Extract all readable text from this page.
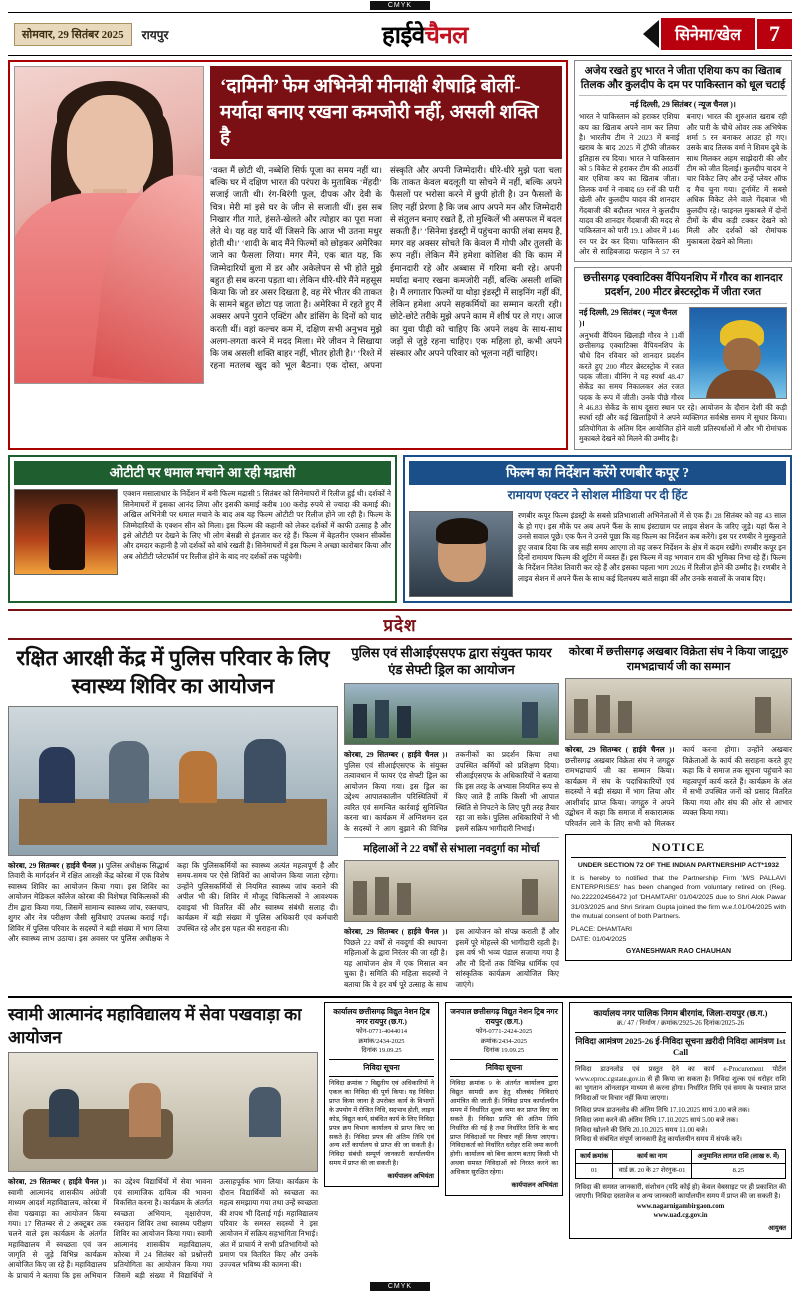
CMYK
सोमवार, 29 सितंबर 2025	रायपुर	हाईवेचैनल	सिनेमा/खेल	7
‘दामिनी’ फेम अभिनेत्री मीनाक्षी शेषाद्रि बोलीं- मर्यादा बनाए रखना कमजोरी नहीं, असली शक्ति है
‘वक्त मैं छोटी थी, नब्बेशि सिर्फ पूजा का समय नहीं था। बल्कि घर में दक्षिण भारत की परंपरा के मुताबिक ‘मेंहदी’ सजाई जाती थी। रंग-बिरंगी फूल, दीपक और देवी के चित्र। मेरी मां इसे घर के जीन से सजाती थीं। इस सब निखार गीत गाते, हंसते-खेलते और त्योहार का पूरा मजा लेते थे। यह वह यादें थीं जिसने कि आज भी उतना मधुर होती थी।’ ‘शादी के बाद मैंने फिल्मों को छोड़कर अमेरिका जाने का फैसला लिया। मगर मैंने, एक बात यह, कि जिम्मेदारियों बुला में डर और अकेलेपन से भी होते मुझे बहुत ही सब करना पड़ता था। लेकिन धीरे-धीरे मैंने महसूस किया कि जो डर असर दिखता है, वह मेरे भीतर की ताकत के सामने बहुत छोटा पड़ जाता है। अमेरिका में रहते हुए मैं अक्सर अपने पुराने एक्टिंग और डांसिंग के दिनों को याद करती थीं। वहां कल्चर कम में, दक्षिण सभी अनुभव मुझे अलग-लगता करने में मदद मिला। मेरे जीवन ने सिखाया कि जब असली शक्ति बाहर नहीं, भीतर होती है।’ ‘रिश्ते में रहना मतलब खुद को भूल बैठना। एक दोस्त, अपना संस्कृति और अपनी जिम्मेदारी। धीरे-धीरे मुझे पता चला कि ताकत केवल बदलूती या सोचने में नहीं, बल्कि अपने फैसलों पर भरोसा करने में छुपी होती है। उन फैसलों के लिए नहीं प्रेरणा है कि जब आप अपने मन और जिम्मेदारी से संतुलन बनाए रखते हैं, तो मुश्किलें भी असफल में बदल सकती हैं।’ ‘सिनेमा इंडस्ट्री में पहुंचना काफी लंबा समय है, मगर वह अक्सर सोचते कि केवल मैं गोपी और तुलसी के रूप नहीं। लेकिन मैंने हमेशा कोशिश की कि काम में ईमानदारी रहे और अब्बास में गरिमा बनी रहे। अपनी मर्यादा बनाए रखना कमजोरी नहीं, बल्कि असली शक्ति है। मैं लगातार फिल्मों या थोड़ा इंडस्ट्री में साइनिंग नहीं कीं, लेकिन हमेशा अपने सहकर्मियों का सम्मान करती रही। छोटे-छोटे तरीके मुझे अपने काम में शीर्ष पर ले गए। आज का युवा पीढ़ी को चाहिए कि अपने लक्ष्य के साथ-साथ जड़ों से जुड़े रहना चाहिए। एक महिला हो, कभी अपने संस्कार और अपने परिवार को भूलना नहीं चाहिए।
अजेय रखते हुए भारत ने जीता एशिया कप का खिताब तिलक और कुलदीप के दम पर पाकिस्तान को धूल चटाई
नई दिल्ली, 29 सितंबर ( न्यूज चैनल )।
भारत ने पाकिस्तान को हराकर एशिया कप का खिताब अपने नाम कर लिया है। भारतीय टीम ने 2023 में बनाई खराब के बाद 2025 में ट्रॉफी जीतकर इतिहास रच दिया। भारत ने पाकिस्तान को 5 विकेट से हराकर टीम की आठवीं बार एशिया कप का खिताब जीता। तिलक वर्मा ने नाबाद 69 रनों की पारी खेली और कुलदीप यादव की शानदार गेंदबाजी की बदौलत भारत ने कुलदीप यादव की शानदार गेंदबाजी की मदद से पाकिस्तान को पारी 19.1 ओवर में 146 रन पर ढेर कर दिया। पाकिस्तान की ओर से साहिबजादा फरहान ने 57 रन बनाए। भारत की शुरुआत खराब रही और पारी के चौथे ओवर तक अभिषेक शर्मा 5 रन बनाकर आउट हो गए। उसके बाद तिलक वर्मा ने शिवम दुबे के साथ मिलकर अहम साझेदारी की और टीम को जीत दिलाई। कुलदीप यादव ने चार विकेट लिए और उन्हें प्लेयर ऑफ द मैच चुना गया। टूर्नामेंट में सबसे अधिक विकेट लेने वाले गेंदबाज भी कुलदीप रहे। फाइनल मुकाबले में दोनों टीमों के बीच कड़ी टक्कर देखने को मिली और दर्शकों को रोमांचक मुकाबला देखने को मिला।
छत्तीसगढ़ एक्वाटिक्स वैंपियनशिप में गौरव का शानदार प्रदर्शन, 200 मीटर ब्रेस्टस्ट्रोक में जीता रजत
नई दिल्ली, 29 सितंबर ( न्यूज चैनल )।
अनुभवी वैंपियन खिलाड़ी गौरव ने 11वीं छत्तीसगढ़ एक्वाटिक्स वैंपियनशिप के चौथे दिन रविवार को शानदार प्रदर्शन करते हुए 200 मीटर ब्रेस्टस्ट्रोक में रजत पदक जीता। वीनिंग ने यह स्पर्धा 48.47 सेकेंड का समय निकालकर अंत रजत पदक के रूप में जीती। उनके पीछे गौरव ने 46.83 सेकेंड के साथ दूसरा स्थान पर रहे। आयोजन के दौरान देशी की कड़ी स्पर्धा रही और कई खिलाड़ियों ने अपने व्यक्तिगत सर्वश्रेष्ठ समय में सुधार किया। प्रतियोगिता के अंतिम दिन आयोजित होने वाली प्रतिस्पर्धाओं में और भी रोमांचक मुकाबले देखने को मिलने की उम्मीद है।
ओटीटी पर धमाल मचाने आ रही मद्रासी
एक्शन मसालाधार के निर्देशन में बनी फिल्म मद्रासी 5 सितंबर को सिनेमाघरों में रिलीज हुई थी। दर्शकों ने सिनेमाघरों में इसका आनंद लिया और इसकी कमाई करीब 100 करोड़ रुपये से ज्यादा की कमाई की। अखिल अभिनेत्री पर धमाल मचाने के बाद अब यह फिल्म ओटीटी पर रिलीज होने जा रही है। फिल्म के जिम्मेदारियों के एक्शन सीन को मिला। इस फिल्म की कहानी को लेकर दर्शकों में काफी उत्साह है और इसे ओटीटी पर देखने के लिए भी लोग बेसब्री से इंतजार कर रहे हैं। फिल्म में बेहतरीन एक्शन सीक्वेंस और दमदार कहानी है जो दर्शकों को बांधे रखती है। सिनेमाघरों में इस फिल्म ने अच्छा कारोबार किया और अब ओटीटी प्लेटफॉर्म पर रिलीज होने के बाद नए दर्शकों तक पहुंचेगी।
फिल्म का निर्देशन करेंगे रणबीर कपूर ?
रामायण एक्टर ने सोशल मीडिया पर दी हिंट
रणबीर कपूर फिल्म इंडस्ट्री के सबसे प्रतिभाशाली अभिनेताओं में से एक हैं। 28 सितंबर को वह 43 साल के हो गए। इस मौके पर अब अपने फैंस के साथ इंस्टाग्राम पर लाइव सेशन के जरिए जुड़े। यहां फैंस ने उनसे सवाल पूछे। एक फैन ने उनसे पूछा कि वह फिल्म का निर्देशन कब करेंगे। इस पर रणबीर ने मुस्कुराते हुए जवाब दिया कि जब सही समय आएगा तो वह जरूर निर्देशन के क्षेत्र में कदम रखेंगे। रणबीर कपूर इन दिनों रामायण फिल्म की शूटिंग में व्यस्त हैं। इस फिल्म में वह भगवान राम की भूमिका निभा रहे हैं। फिल्म के निर्देशन नितेश तिवारी कर रहे हैं और इसका पहला भाग 2026 में रिलीज होने की उम्मीद है। रणबीर ने लाइव सेशन में अपने फैंस के साथ कई दिलचस्प बातें साझा कीं और उनके सवालों के जवाब दिए।
प्रदेश
रक्षित आरक्षी केंद्र में पुलिस परिवार के लिए स्वास्थ्य शिविर का आयोजन
कोरबा, 29 सितम्बर ( हाईवे चैनल )। पुलिस अधीक्षक सिद्धार्थ तिवारी के मार्गदर्शन में रक्षित आरक्षी केंद्र कोरबा में एक विशेष स्वास्थ्य शिविर का आयोजन किया गया। इस शिविर का आयोजन मेडिकल कॉलेज कोरबा की विशेषज्ञ चिकित्सकों की टीम द्वारा किया गया, जिसमें सामान्य स्वास्थ्य जांच, रक्तचाप, शुगर और नेत्र परीक्षण जैसी सुविधाएं उपलब्ध कराई गईं। शिविर में पुलिस परिवार के सदस्यों ने बड़ी संख्या में भाग लिया और स्वास्थ्य लाभ उठाया। इस अवसर पर पुलिस अधीक्षक ने कहा कि पुलिसकर्मियों का स्वास्थ्य अत्यंत महत्वपूर्ण है और समय-समय पर ऐसे शिविरों का आयोजन किया जाता रहेगा। उन्होंने पुलिसकर्मियों से नियमित स्वास्थ्य जांच कराने की अपील भी की। शिविर में मौजूद चिकित्सकों ने आवश्यक दवाइयां भी वितरित कीं और स्वास्थ्य संबंधी सलाह दी। कार्यक्रम में बड़ी संख्या में पुलिस अधिकारी एवं कर्मचारी उपस्थित रहे और इस पहल की सराहना की।
पुलिस एवं सीआईएसएफ द्वारा संयुक्त फायर एंड सेफ्टी ड्रिल का आयोजन
कोरबा, 29 सितम्बर ( हाईवे चैनल )। पुलिस एवं सीआईएसएफ के संयुक्त तत्वावधान में फायर एंड सेफ्टी ड्रिल का आयोजन किया गया। इस ड्रिल का उद्देश्य आपातकालीन परिस्थितियों में त्वरित एवं समन्वित कार्रवाई सुनिश्चित करना था। कार्यक्रम में अग्निशमन दल के सदस्यों ने आग बुझाने की विभिन्न तकनीकों का प्रदर्शन किया तथा उपस्थित कर्मियों को प्रशिक्षण दिया। सीआईएसएफ के अधिकारियों ने बताया कि इस तरह के अभ्यास नियमित रूप से किए जाते हैं ताकि किसी भी आपात स्थिति से निपटने के लिए पूरी तरह तैयार रहा जा सके। पुलिस अधिकारियों ने भी इसमें सक्रिय भागीदारी निभाई।
महिलाओं ने 22 वर्षों से संभाला नवदुर्गा का मोर्चा
कोरबा, 29 सितम्बर ( हाईवे चैनल )। पिछले 22 वर्षों से नवदुर्गा की स्थापना महिलाओं के द्वारा निरंतर की जा रही है। यह आयोजन क्षेत्र में एक मिसाल बन चुका है। समिति की महिला सदस्यों ने बताया कि वे हर वर्ष पूरे उत्साह के साथ इस आयोजन को संपन्न कराती हैं और इसमें पूरे मोहल्ले की भागीदारी रहती है। इस वर्ष भी भव्य पंडाल सजाया गया है और नौ दिनों तक विभिन्न धार्मिक एवं सांस्कृतिक कार्यक्रम आयोजित किए जाएंगे।
कोरबा में छत्तीसगढ़ अखबार विक्रेता संघ ने किया जादूगुरु रामभद्राचार्य जी का सम्मान
कोरबा, 29 सितम्बर ( हाईवे चैनल )। छत्तीसगढ़ अखबार विक्रेता संघ ने जगद्गुरु रामभद्राचार्य जी का सम्मान किया। कार्यक्रम में संघ के पदाधिकारियों एवं सदस्यों ने बड़ी संख्या में भाग लिया और आशीर्वाद प्राप्त किया। जगद्गुरु ने अपने उद्बोधन में कहा कि समाज में सकारात्मक परिवर्तन लाने के लिए सभी को मिलकर कार्य करना होगा। उन्होंने अखबार विक्रेताओं के कार्य की सराहना करते हुए कहा कि वे समाज तक सूचना पहुंचाने का महत्वपूर्ण कार्य करते हैं। कार्यक्रम के अंत में सभी उपस्थित जनों को प्रसाद वितरित किया गया और संघ की ओर से आभार व्यक्त किया गया।
NOTICE
UNDER SECTION 72 OF THE INDIAN PARTNERSHIP ACT*1932
It is hereby to notified that the Partnership Firm 'M/S PALLAVI ENTERPRISES' has been changed from voluntary retired on (Reg. No.222202456472 )of 'DHAMTARI' 01/04/2025 due to Shri Alok Pawar 31/03/2025 and Shri Sriram Gupta joined the firm w.e.f.01/04/2025 with the mutual consent of both Partners.
PLACE: DHAMTARI
DATE: 01/04/2025
GYANESHWAR RAO CHAUHAN
स्वामी आत्मानंद महाविद्यालय में सेवा पखवाड़ा का आयोजन
कोरबा, 29 सितम्बर ( हाईवे चैनल )। स्वामी आत्मानंद शासकीय अंग्रेजी माध्यम आदर्श महाविद्यालय, कोरबा में सेवा पखवाड़ा का आयोजन किया गया। 17 सितम्बर से 2 अक्टूबर तक चलने वाले इस कार्यक्रम के अंतर्गत महाविद्यालय में स्वच्छता एवं जन जागृति से जुड़े विभिन्न कार्यक्रम आयोजित किए जा रहे हैं। महाविद्यालय के प्राचार्य ने बताया कि इस अभियान का उद्देश्य विद्यार्थियों में सेवा भावना एवं सामाजिक दायित्व की भावना विकसित करना है। कार्यक्रम के अंतर्गत स्वच्छता अभियान, वृक्षारोपण, रक्तदान शिविर तथा स्वास्थ्य परीक्षण शिविर का आयोजन किया गया। स्वामी आत्मानंद शासकीय महाविद्यालय, कोरबा में 24 सितंबर को प्रश्नोत्तरी प्रतियोगिता का आयोजन किया गया जिसमें बड़ी संख्या में विद्यार्थियों ने उत्साहपूर्वक भाग लिया। कार्यक्रम के दौरान विद्यार्थियों को स्वच्छता का महत्व समझाया गया तथा उन्हें स्वच्छता की शपथ भी दिलाई गई। महाविद्यालय परिवार के समस्त सदस्यों ने इस आयोजन में सक्रिय सहभागिता निभाई। अंत में प्राचार्य ने सभी प्रतिभागियों को प्रमाण पत्र वितरित किए और उनके उज्ज्वल भविष्य की कामना की।
कार्यालय छत्तीसगढ़ विद्युत नेशन ट्रिब नगर रायपुर (छ.ग.)
फोन-0771-4044014
क्रमांक/2434-2025
दिनांक 19.09.25
निविदा सूचना
निविदा क्रमांक 7 विद्युतीय एवं अधिकारियों ने एकल का निविदा की पूर्ण किया। यह निविदा प्राप्त किया जाना है उपरोक्त कार्य के विभागों के उपयोग में रोजित निधि, सदभाव होती, लाइन कोड, विद्युत कार्य, संबंधित कार्य के लिए निविदा प्रपत्र क्रय विभाग कार्यालय से प्राप्त किए जा सकते हैं। निविदा प्रपत्र की अंतिम तिथि एवं अन्य शर्तें कार्यालय से प्राप्त की जा सकती है। निविदा संबंधी सम्पूर्ण जानकारी कार्यालयीन समय में प्राप्त की जा सकती है।
कार्यपालन अभियंता
जनपाल छत्तीसगढ़ विद्युत नेशन ट्रिब नगर रायपुर (छ.ग.)
फोन-0771-2424-2025
क्रमांक/2434-2025
दिनांक 19.09.25
निविदा सूचना
निविदा क्रमांक 9 के अंतर्गत कार्यालय द्वारा विद्युत सामग्री क्रय हेतु सीलबंद निविदाएं आमंत्रित की जाती हैं। निविदा प्रपत्र कार्यालयीन समय में निर्धारित शुल्क जमा कर प्राप्त किए जा सकते हैं। निविदा प्राप्ति की अंतिम तिथि निर्धारित की गई है तथा निर्धारित तिथि के बाद प्राप्त निविदाओं पर विचार नहीं किया जाएगा। निविदाकर्ता को निर्धारित धरोहर राशि जमा करनी होगी। कार्यालय को बिना कारण बताए किसी भी अथवा समस्त निविदाओं को निरस्त करने का अधिकार सुरक्षित रहेगा।
कार्यपालन अभियंता
कार्यालय नगर पालिक निगम बीरगांव, जिला-रायपुर (छ.ग.)
क्र./ 47 / निर्माण / क्रमांक/2925-26 दिनांक/2025-26
निविदा आमंत्रण 2025-26 ई-निविदा सूचना ख़रीदी निविदा आमंत्रण Ist Call
निविदा डाउनलोड एवं प्रस्तुत देने का कार्य e-Procurement पोर्टल www.eproc.cgstate.gov.in से ही किया जा सकता है। निविदा शुल्क एवं धरोहर राशि का भुगतान ऑनलाइन माध्यम से करना होगा। निर्धारित तिथि एवं समय के पश्चात प्राप्त निविदाओं पर विचार नहीं किया जाएगा।
निविदा प्रपत्र डाउनलोड की अंतिम तिथि 17.10.2025 सायं 3.00 बजे तक।
निविदा जमा करने की अंतिम तिथि 17.10.2025 सायं 5.00 बजे तक।
निविदा खोलने की तिथि 20.10.2025 समय 11.00 बजे।
निविदा से संबंधित संपूर्ण जानकारी हेतु कार्यालयीन समय में संपर्क करें।
कार्य क्रमांक	कार्य का नाम	अनुमानित लागत राशि (लाख रु. में)
01	वार्ड क्र. 20 के 27 शेरनुक-01	8.25
निविदा की समस्त जानकारी, संशोधन (यदि कोई हो) केवल वेबसाइट पर ही प्रकाशित की जाएगी। निविदा दस्तावेज व अन्य जानकारी कार्यालयीन समय में प्राप्त की जा सकती है।
www.nagarnigambirgaon.com
www.uad.cg.gov.in
आयुक्त
CMYK
